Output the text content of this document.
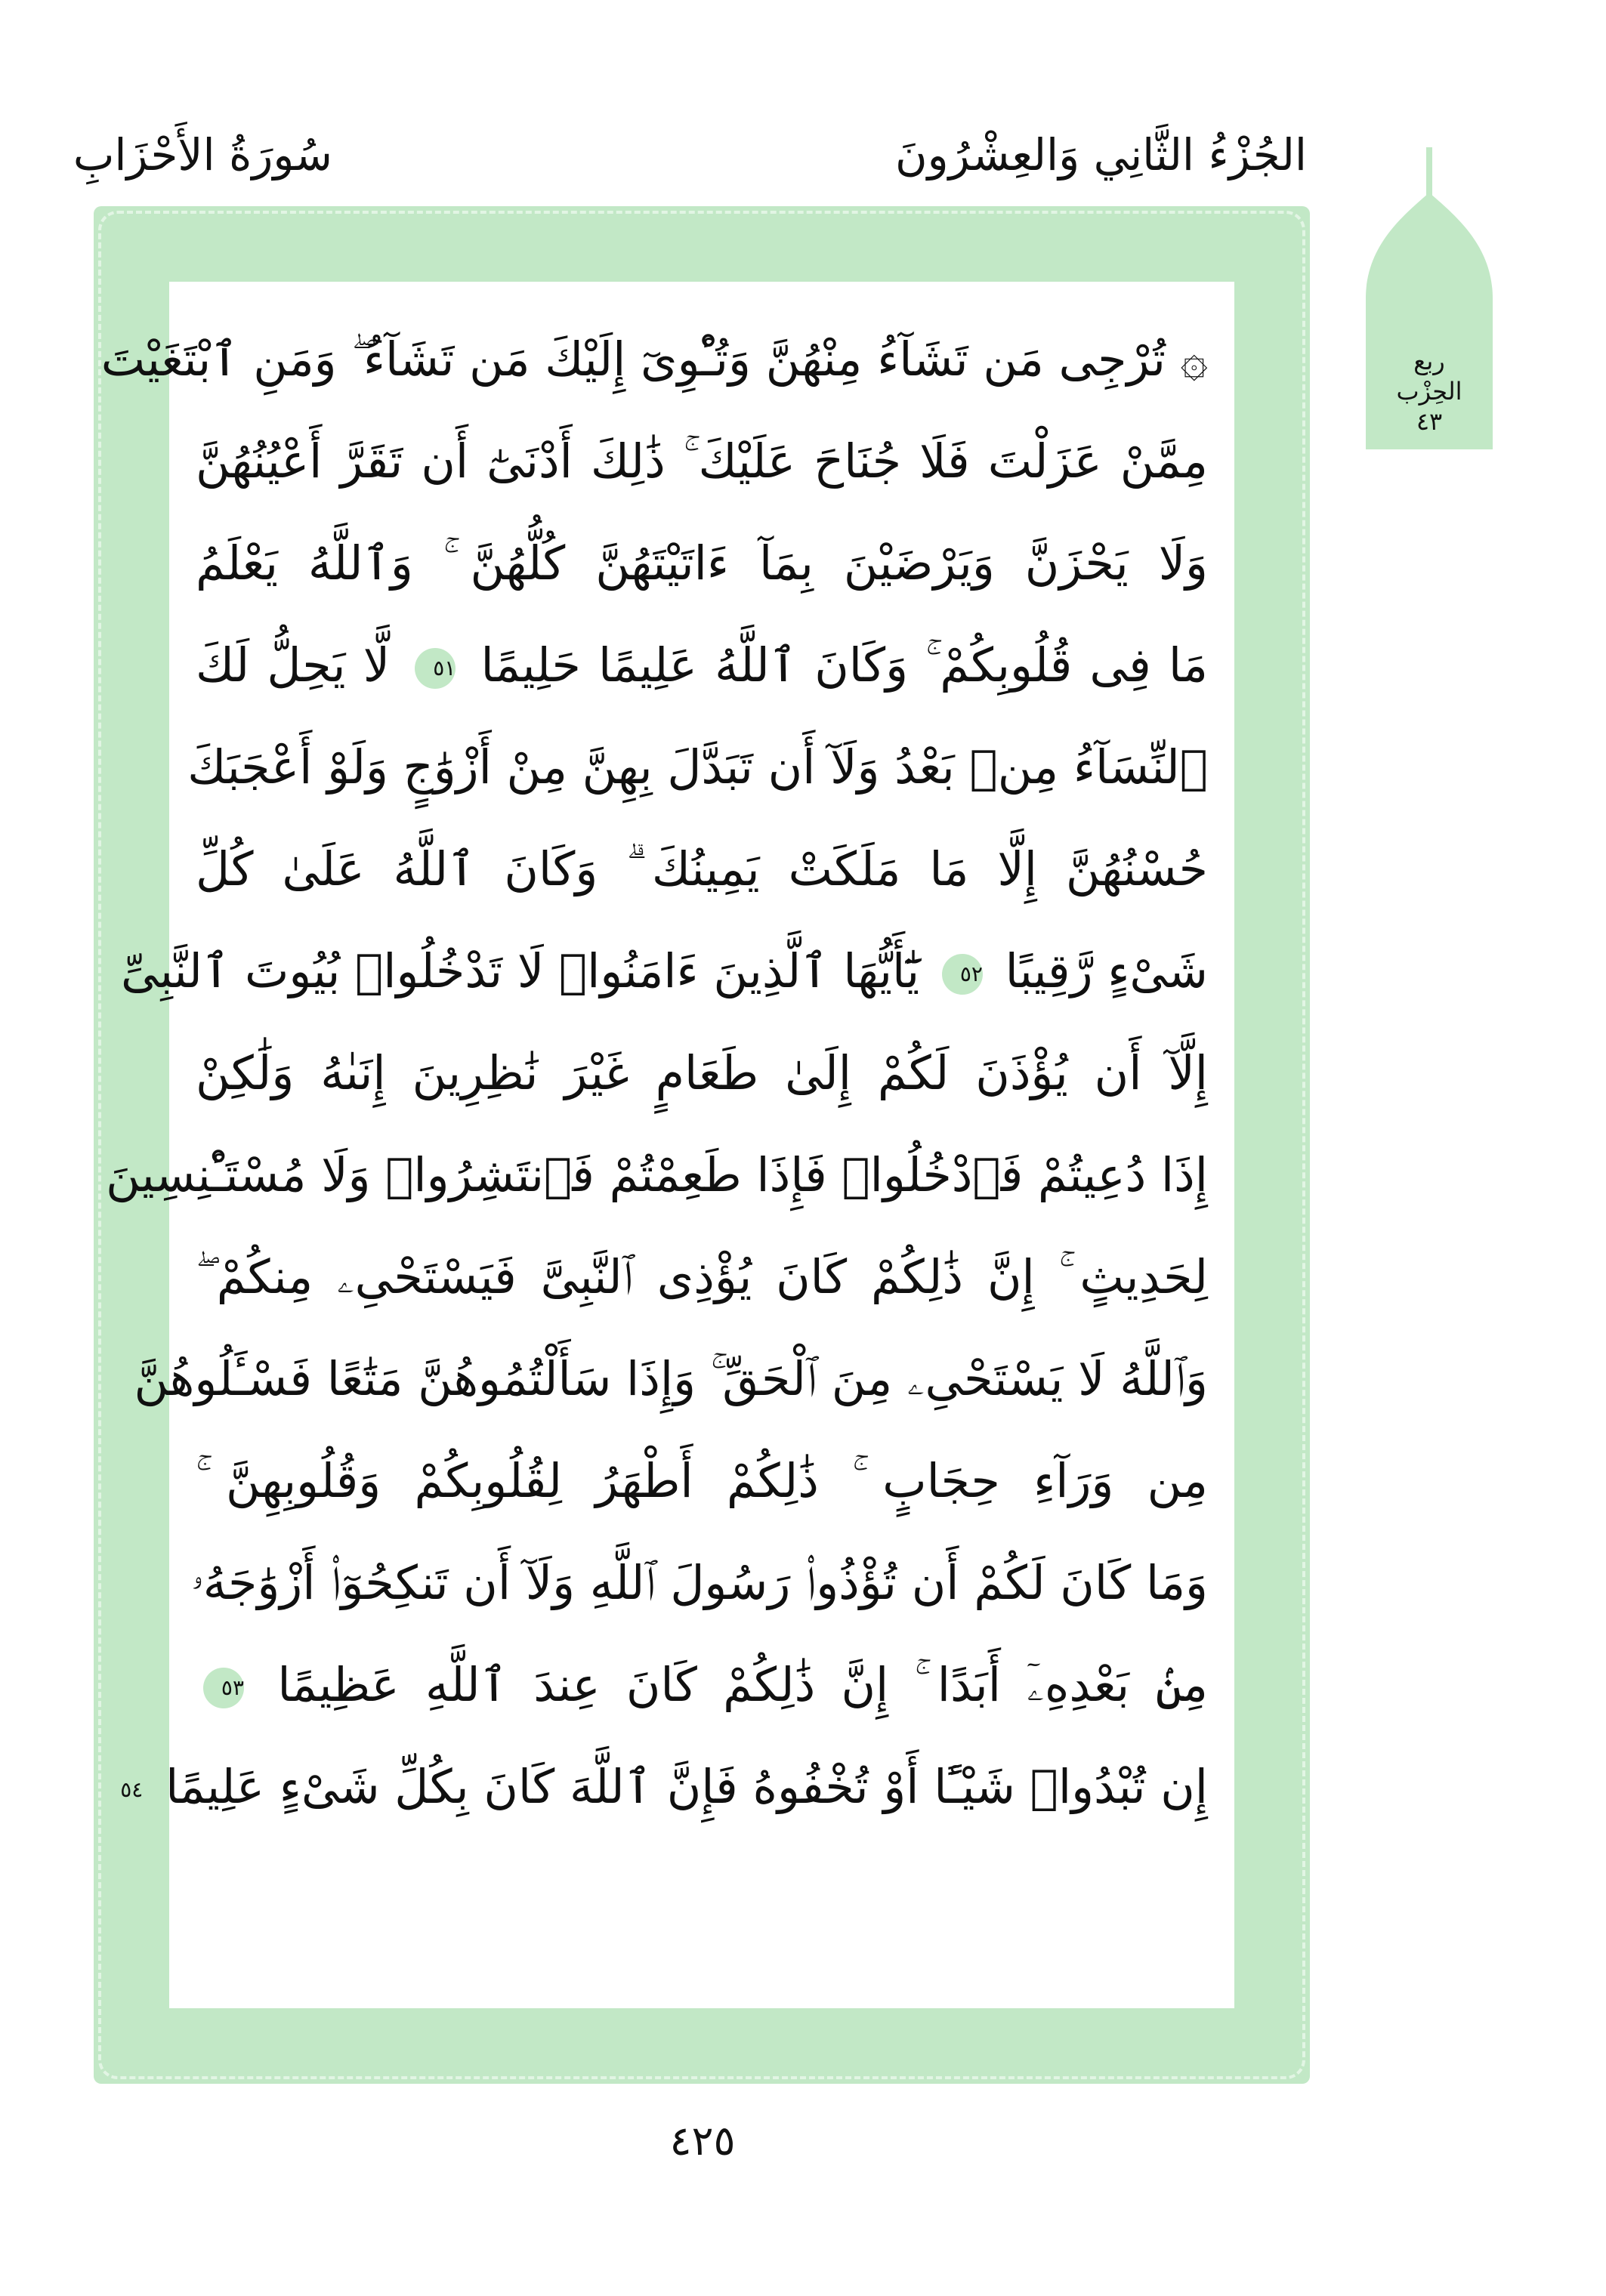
الجُزْءُ الثَّانِي وَالعِشْرُونَ
سُورَةُ الأَحْزَابِ
ربع
الحِزْب
٤٣
۞ تُرْجِى مَن تَشَآءُ مِنْهُنَّ وَتُـْٔوِىٓ إِلَيْكَ مَن تَشَآءُ ۖ وَمَنِ ٱبْتَغَيْتَ
مِمَّنْ عَزَلْتَ فَلَا جُنَاحَ عَلَيْكَ ۚ ذَٰلِكَ أَدْنَىٰٓ أَن تَقَرَّ أَعْيُنُهُنَّ
وَلَا يَحْزَنَّ وَيَرْضَيْنَ بِمَآ ءَاتَيْتَهُنَّ كُلُّهُنَّ ۚ وَٱللَّهُ يَعْلَمُ
مَا فِى قُلُوبِكُمْ ۚ وَكَانَ ٱللَّهُ عَلِيمًا حَلِيمًا ٥١ لَّا يَحِلُّ لَكَ
ٱلنِّسَآءُ مِنۢ بَعْدُ وَلَآ أَن تَبَدَّلَ بِهِنَّ مِنْ أَزْوَٰجٍ وَلَوْ أَعْجَبَكَ
حُسْنُهُنَّ إِلَّا مَا مَلَكَتْ يَمِينُكَ ۗ وَكَانَ ٱللَّهُ عَلَىٰ كُلِّ
شَىْءٍ رَّقِيبًا ٥٢ يَٰٓأَيُّهَا ٱلَّذِينَ ءَامَنُوا۟ لَا تَدْخُلُوا۟ بُيُوتَ ٱلنَّبِىِّ
إِلَّآ أَن يُؤْذَنَ لَكُمْ إِلَىٰ طَعَامٍ غَيْرَ نَٰظِرِينَ إِنَىٰهُ وَلَٰكِنْ
إِذَا دُعِيتُمْ فَٱدْخُلُوا۟ فَإِذَا طَعِمْتُمْ فَٱنتَشِرُوا۟ وَلَا مُسْتَـْٔنِسِينَ
لِحَدِيثٍ ۚ إِنَّ ذَٰلِكُمْ كَانَ يُؤْذِى ٱلنَّبِىَّ فَيَسْتَحْىِۦ مِنكُمْ ۖ
وَٱللَّهُ لَا يَسْتَحْىِۦ مِنَ ٱلْحَقِّ ۚ وَإِذَا سَأَلْتُمُوهُنَّ مَتَٰعًا فَسْـَٔلُوهُنَّ
مِن وَرَآءِ حِجَابٍ ۚ ذَٰلِكُمْ أَطْهَرُ لِقُلُوبِكُمْ وَقُلُوبِهِنَّ ۚ
وَمَا كَانَ لَكُمْ أَن تُؤْذُوا۟ رَسُولَ ٱللَّهِ وَلَآ أَن تَنكِحُوٓا۟ أَزْوَٰجَهُۥ
مِنۢ بَعْدِهِۦٓ أَبَدًا ۚ إِنَّ ذَٰلِكُمْ كَانَ عِندَ ٱللَّهِ عَظِيمًا ٥٣
إِن تُبْدُوا۟ شَيْـًٔا أَوْ تُخْفُوهُ فَإِنَّ ٱللَّهَ كَانَ بِكُلِّ شَىْءٍ عَلِيمًا ٥٤
٤٢٥
